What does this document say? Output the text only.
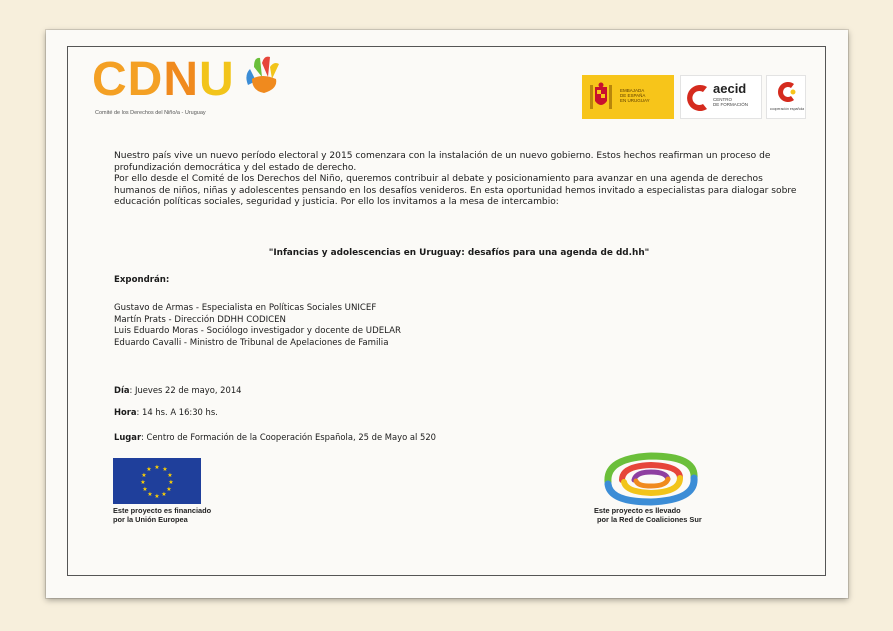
CDNU
Comité de los Derechos del Niño/a - Uruguay
EMBAJADA
DE ESPAÑA
EN URUGUAY
aecid
CENTRO
DE FORMACIÓN
cooperación española

Nuestro país vive un nuevo período electoral y 2015 comenzara con la instalación de un nuevo gobierno. Estos hechos reafirman un proceso de profundización democrática y del estado de derecho.

Por ello desde el Comité de los Derechos del Niño, queremos contribuir al debate y posicionamiento para avanzar en una agenda de derechos humanos de niños, niñas y adolescentes pensando en los desafíos venideros. En esta oportunidad hemos invitado a especialistas para dialogar sobre educación políticas sociales, seguridad y justicia. Por ello los invitamos a la mesa de intercambio:

"Infancias y adolescencias en Uruguay: desafíos para una agenda de dd.hh"
Expondrán:
Gustavo de Armas - Especialista en Políticas Sociales UNICEF
Martín Prats - Dirección DDHH CODICEN
Luis Eduardo Moras - Sociólogo investigador y docente de UDELAR
Eduardo Cavalli - Ministro de Tribunal de Apelaciones de Familia
Día: Jueves 22 de mayo, 2014
Hora: 14 hs. A 16:30 hs.
Lugar: Centro de Formación de la Cooperación Española, 25 de Mayo al 520
★ ★
★
★
★
★
★
★
★
★
★
★
Este proyecto es financiado
por la Unión Europea
Este proyecto es llevado
por la Red de Coaliciones Sur
